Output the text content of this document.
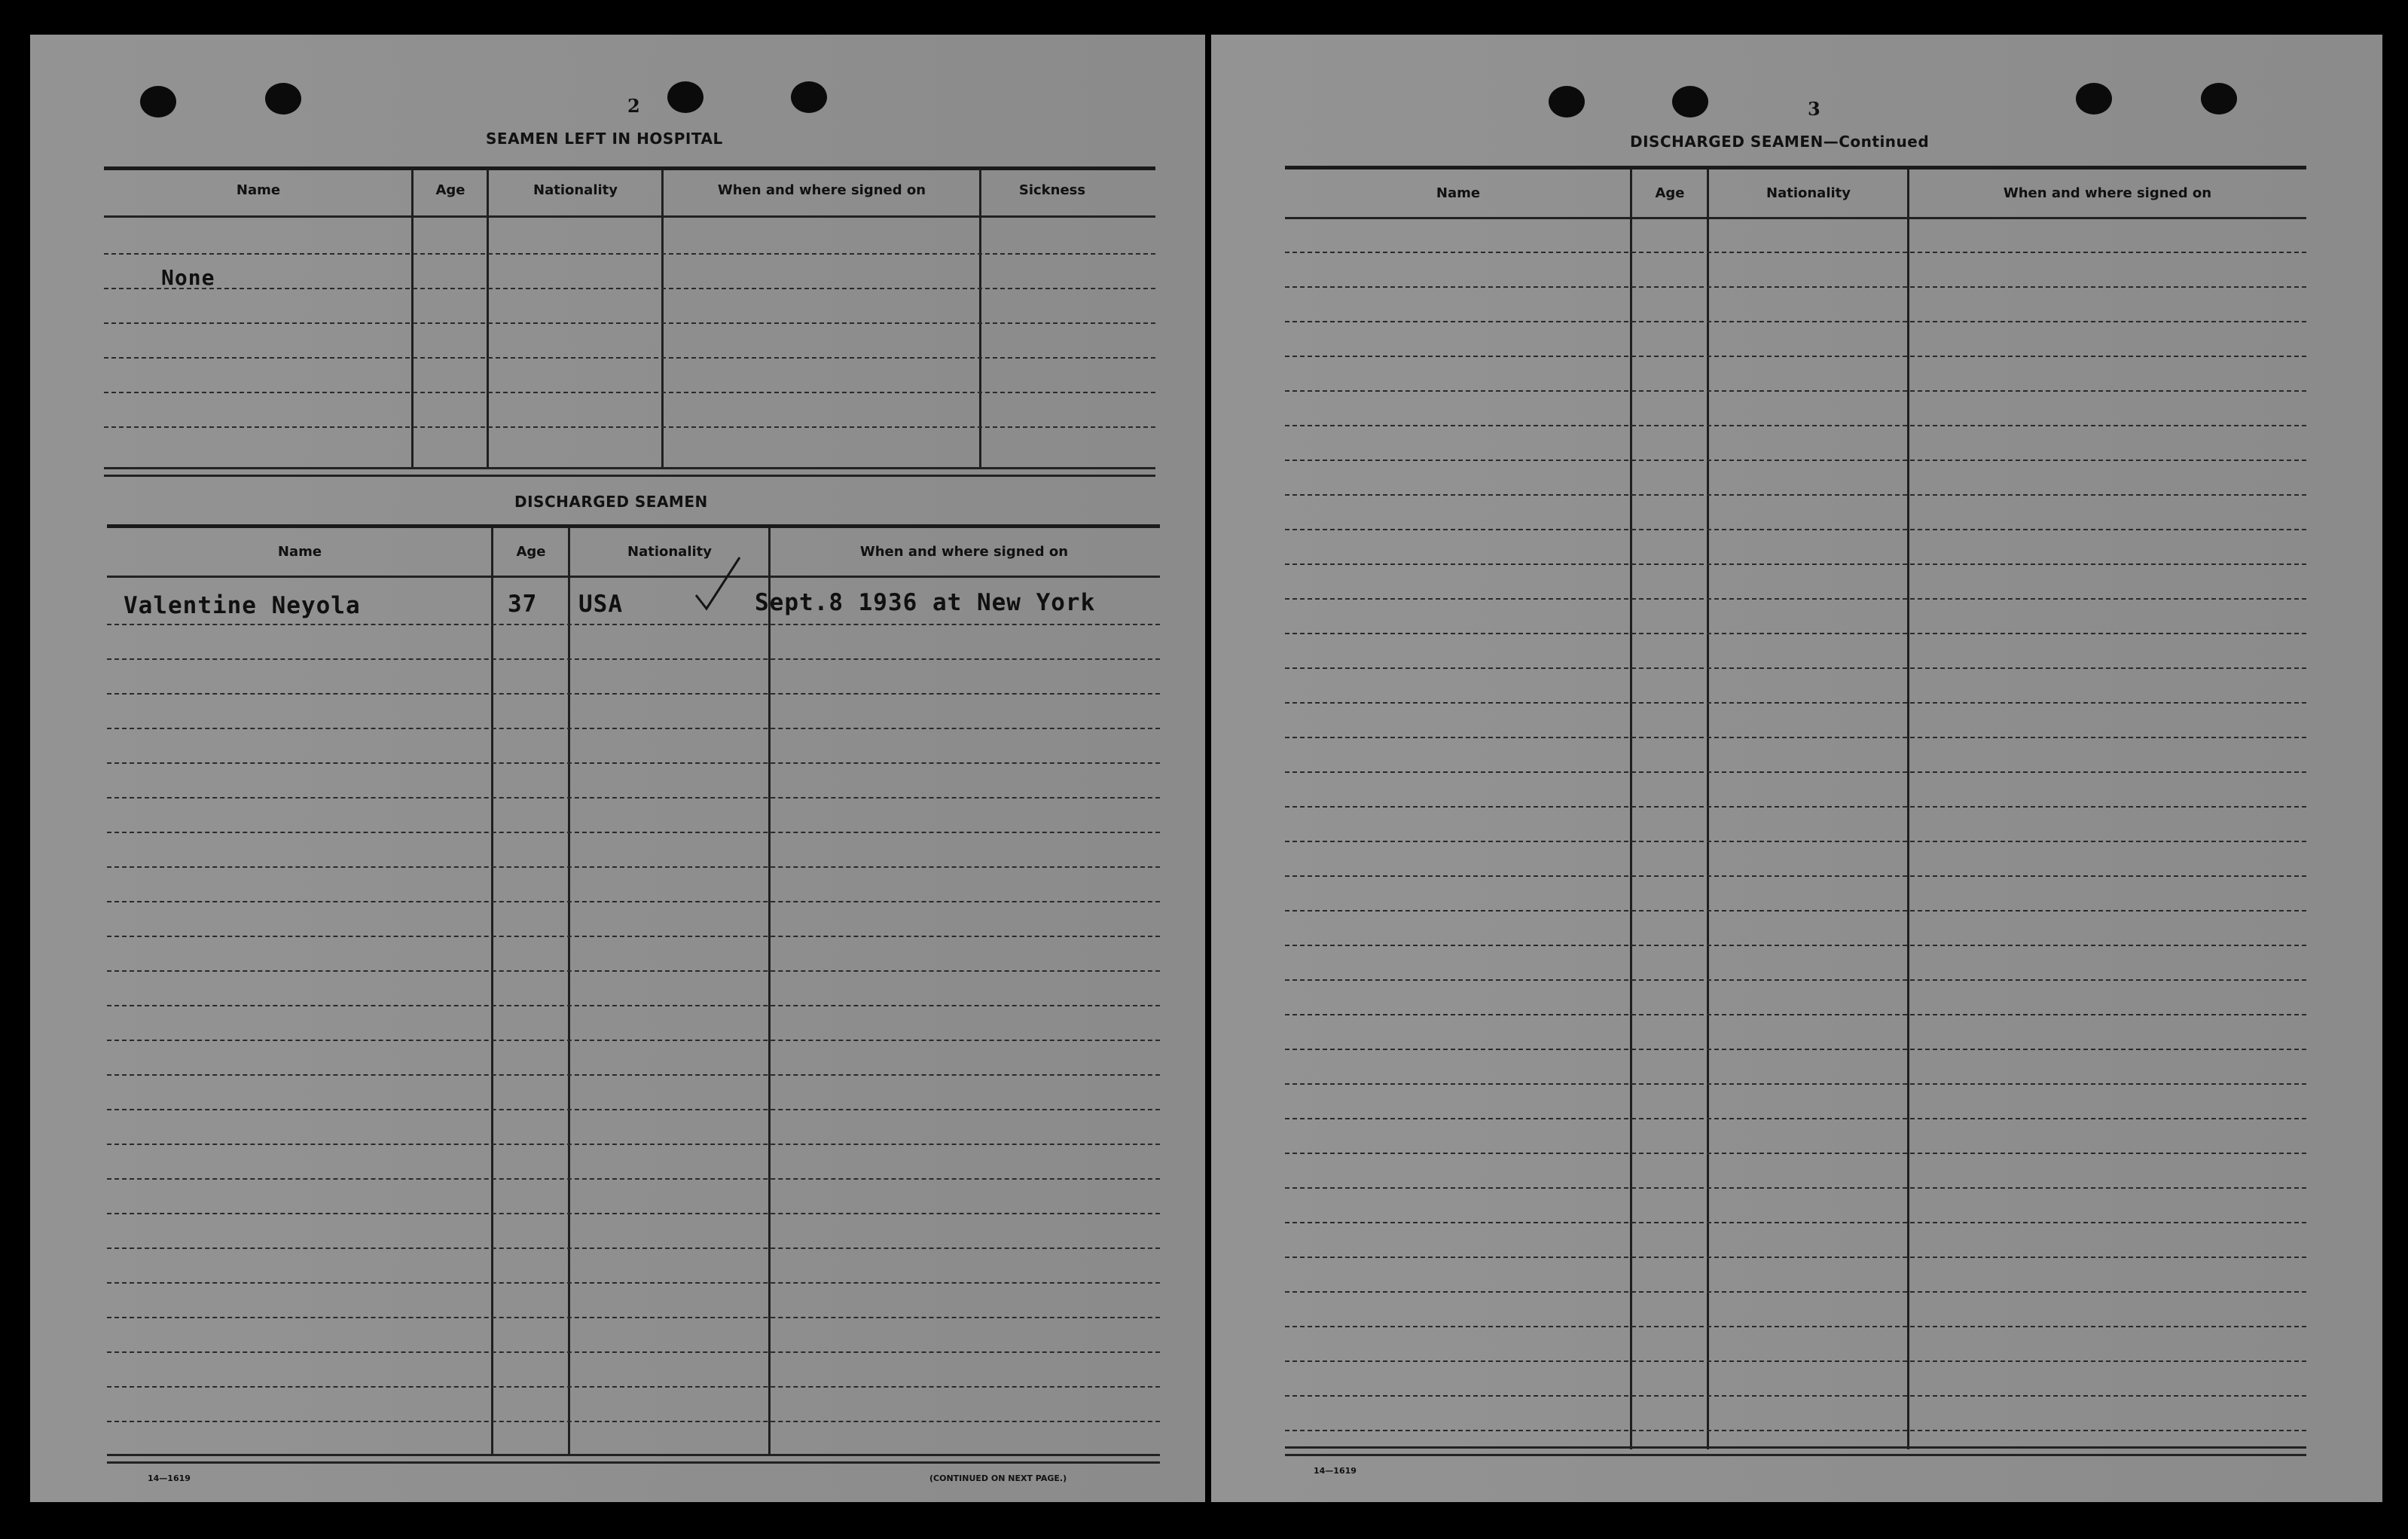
2
SEAMEN LEFT IN HOSPITAL
Name	Age	Nationality	When and where signed on	Sickness
None
DISCHARGED SEAMEN
Name	Age	Nationality	When and where signed on
Valentine Neyola	37 USA	Sept.8 1936 at New York
14—1619	(CONTINUED ON NEXT PAGE.)
3
DISCHARGED SEAMEN—Continued
Name	Age	Nationality	When and where signed on
14—1619
